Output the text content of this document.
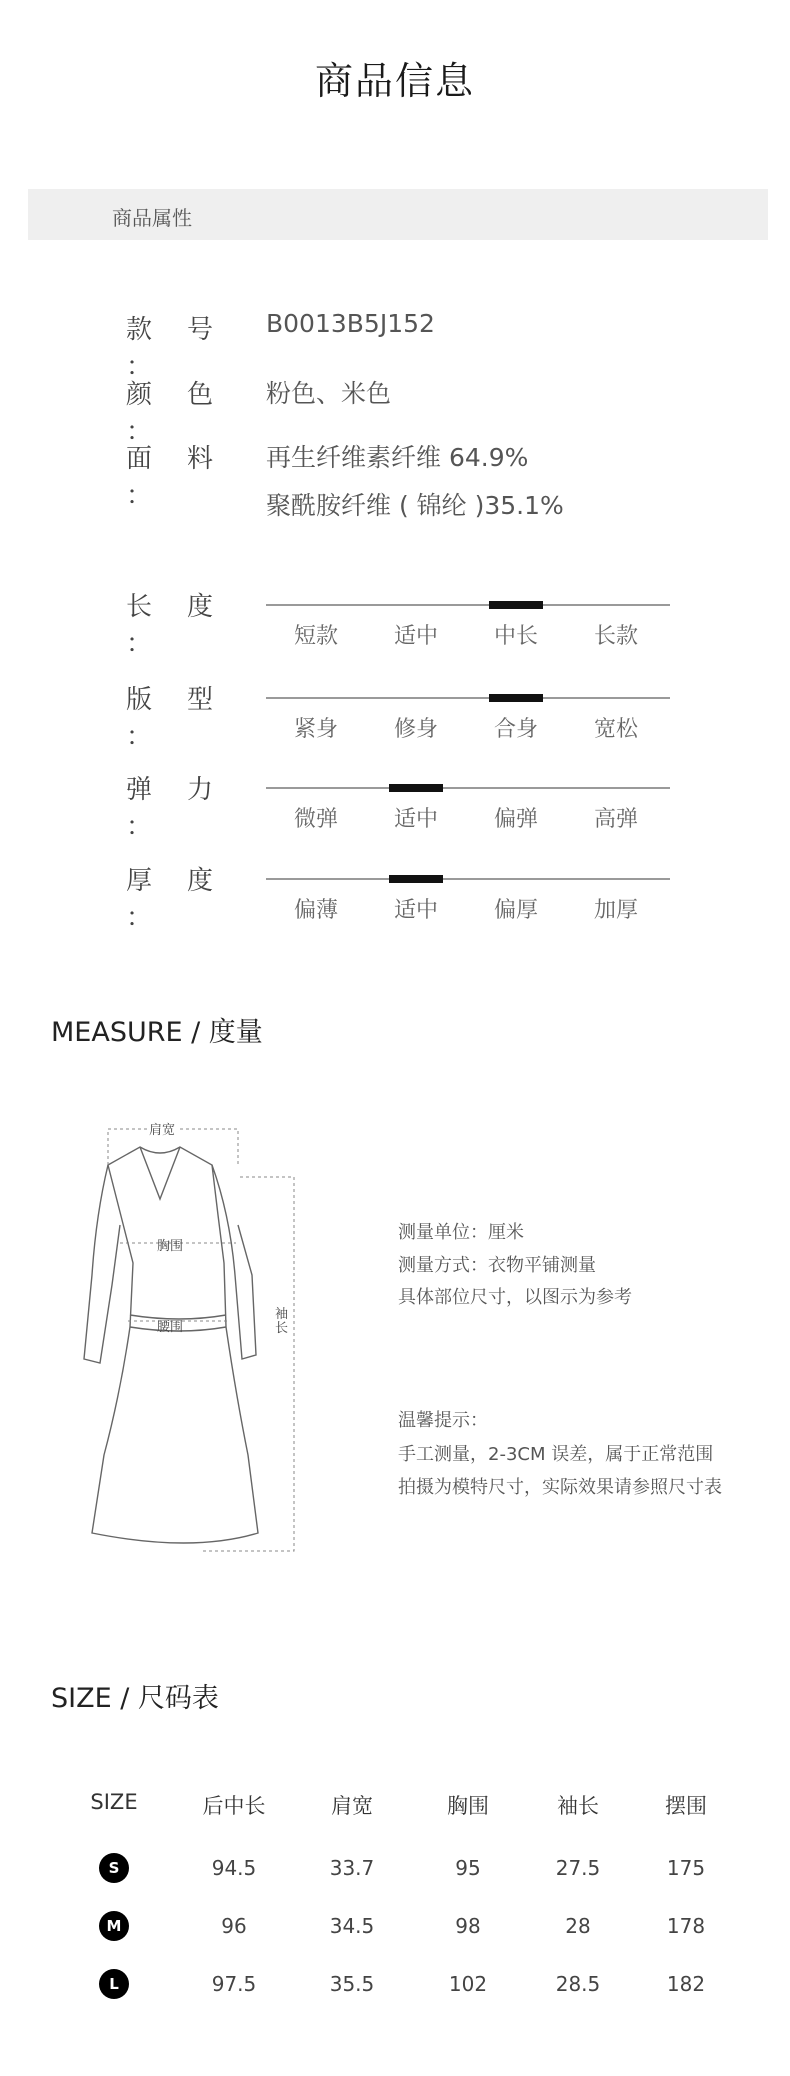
商品信息
商品属性
款 号：
B0013B5J152
颜 色：
粉色、米色
面 料：
再生纤维素纤维 64.9%
聚酰胺纤维 ( 锦纶 )35.1%
长 度：	短款	适中	中长	长款
版 型：	紧身	修身	合身	宽松
弹 力：	微弹	适中	偏弹	高弹
厚 度：	偏薄	适中	偏厚	加厚
MEASURE / 度量
肩宽
胸围
腰围
袖长
测量单位：厘米
测量方式：衣物平铺测量
具体部位尺寸，以图示为参考
温馨提示：
手工测量，2-3CM 误差，属于正常范围
拍摄为模特尺寸，实际效果请参照尺寸表
SIZE / 尺码表
SIZE	后中长	肩宽	胸围	袖长	摆围
S	94.5	33.7	95	27.5	175
M	96	34.5	98	28	178
L	97.5	35.5	102	28.5	182
